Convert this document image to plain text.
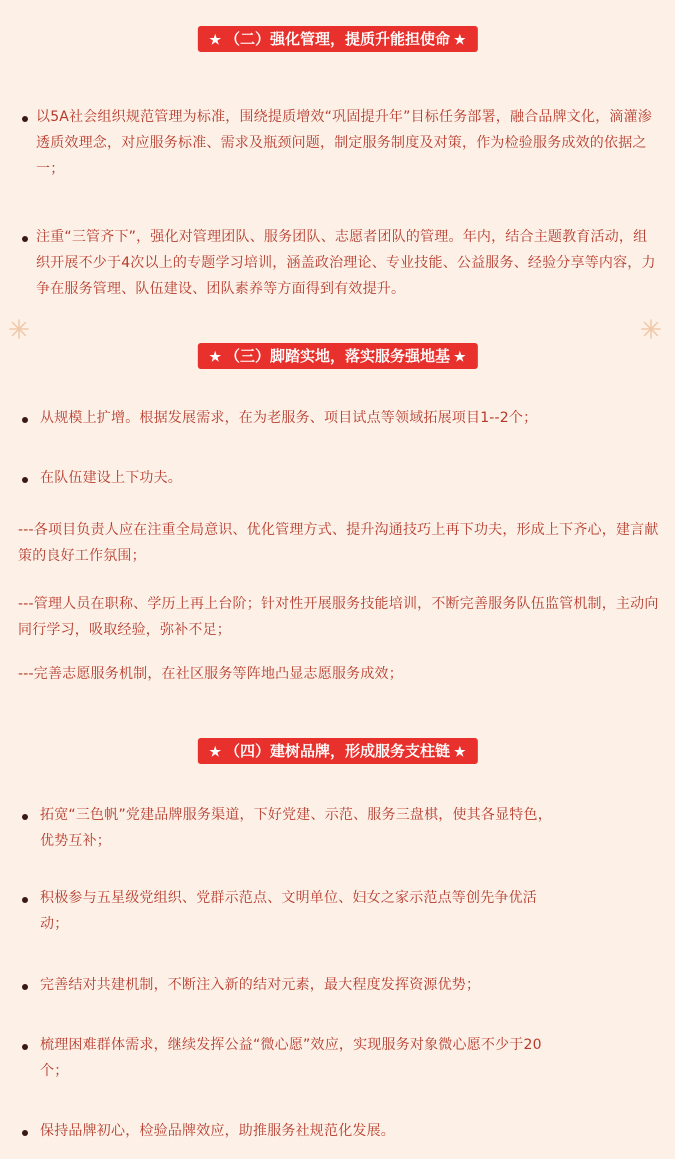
★ （二）强化管理，提质升能担使命 ★
以5A社会组织规范管理为标准，围绕提质增效“巩固提升年”目标任务部署，融合品牌文化，滴灌渗透质效理念，对应服务标准、需求及瓶颈问题，制定服务制度及对策，作为检验服务成效的依据之一；
注重“三管齐下”，强化对管理团队、服务团队、志愿者团队的管理。年内，结合主题教育活动，组织开展不少于4次以上的专题学习培训，涵盖政治理论、专业技能、公益服务、经验分享等内容，力争在服务管理、队伍建设、团队素养等方面得到有效提升。
★ （三）脚踏实地，落实服务强地基 ★
从规模上扩增。根据发展需求，在为老服务、项目试点等领域拓展项目1--2个；
在队伍建设上下功夫。
---各项目负责人应在注重全局意识、优化管理方式、提升沟通技巧上再下功夫，形成上下齐心，建言献策的良好工作氛围；
---管理人员在职称、学历上再上台阶；针对性开展服务技能培训，不断完善服务队伍监管机制，主动向同行学习，吸取经验，弥补不足；
---完善志愿服务机制，在社区服务等阵地凸显志愿服务成效；
★ （四）建树品牌，形成服务支柱链 ★
拓宽“三色帆”党建品牌服务渠道，下好党建、示范、服务三盘棋，使其各显特色，优势互补；
积极参与五星级党组织、党群示范点、文明单位、妇女之家示范点等创先争优活动；
完善结对共建机制，不断注入新的结对元素，最大程度发挥资源优势；
梳理困难群体需求，继续发挥公益“微心愿”效应，实现服务对象微心愿不少于20个；
保持品牌初心，检验品牌效应，助推服务社规范化发展。
